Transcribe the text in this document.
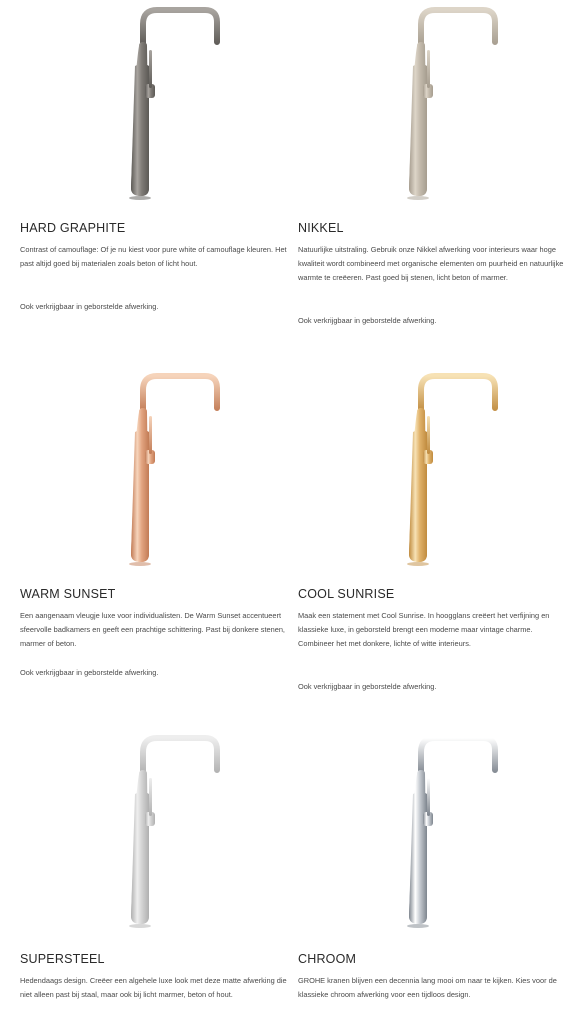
HARD GRAPHITE
Contrast of camouflage: Of je nu kiest voor pure white of camouflage kleuren. Het past altijd goed bij materialen zoals beton of licht hout.
Ook verkrijgbaar in geborstelde afwerking.
NIKKEL
Natuurlijke uitstraling. Gebruik onze Nikkel afwerking voor interieurs waar hoge kwaliteit wordt combineerd met organische elementen om puurheid en natuurlijke warmte te creëeren. Past goed bij stenen, licht beton of marmer.
Ook verkrijgbaar in geborstelde afwerking.
WARM SUNSET
Een aangenaam vleugje luxe voor individualisten. De Warm Sunset accentueert sfeervolle badkamers en geeft een prachtige schittering. Past bij donkere stenen, marmer of beton.
Ook verkrijgbaar in geborstelde afwerking.
COOL SUNRISE
Maak een statement met Cool Sunrise. In hoogglans creëert het verfijning en klassieke luxe, in geborsteld brengt een moderne maar vintage charme. Combineer het met donkere, lichte of witte interieurs.
Ook verkrijgbaar in geborstelde afwerking.
SUPERSTEEL
Hedendaags design. Creëer een algehele luxe look met deze matte afwerking die niet alleen past bij staal, maar ook bij licht marmer, beton of hout.
CHROOM
GROHE kranen blijven een decennia lang mooi om naar te kijken. Kies voor de klassieke chroom afwerking voor een tijdloos design.
